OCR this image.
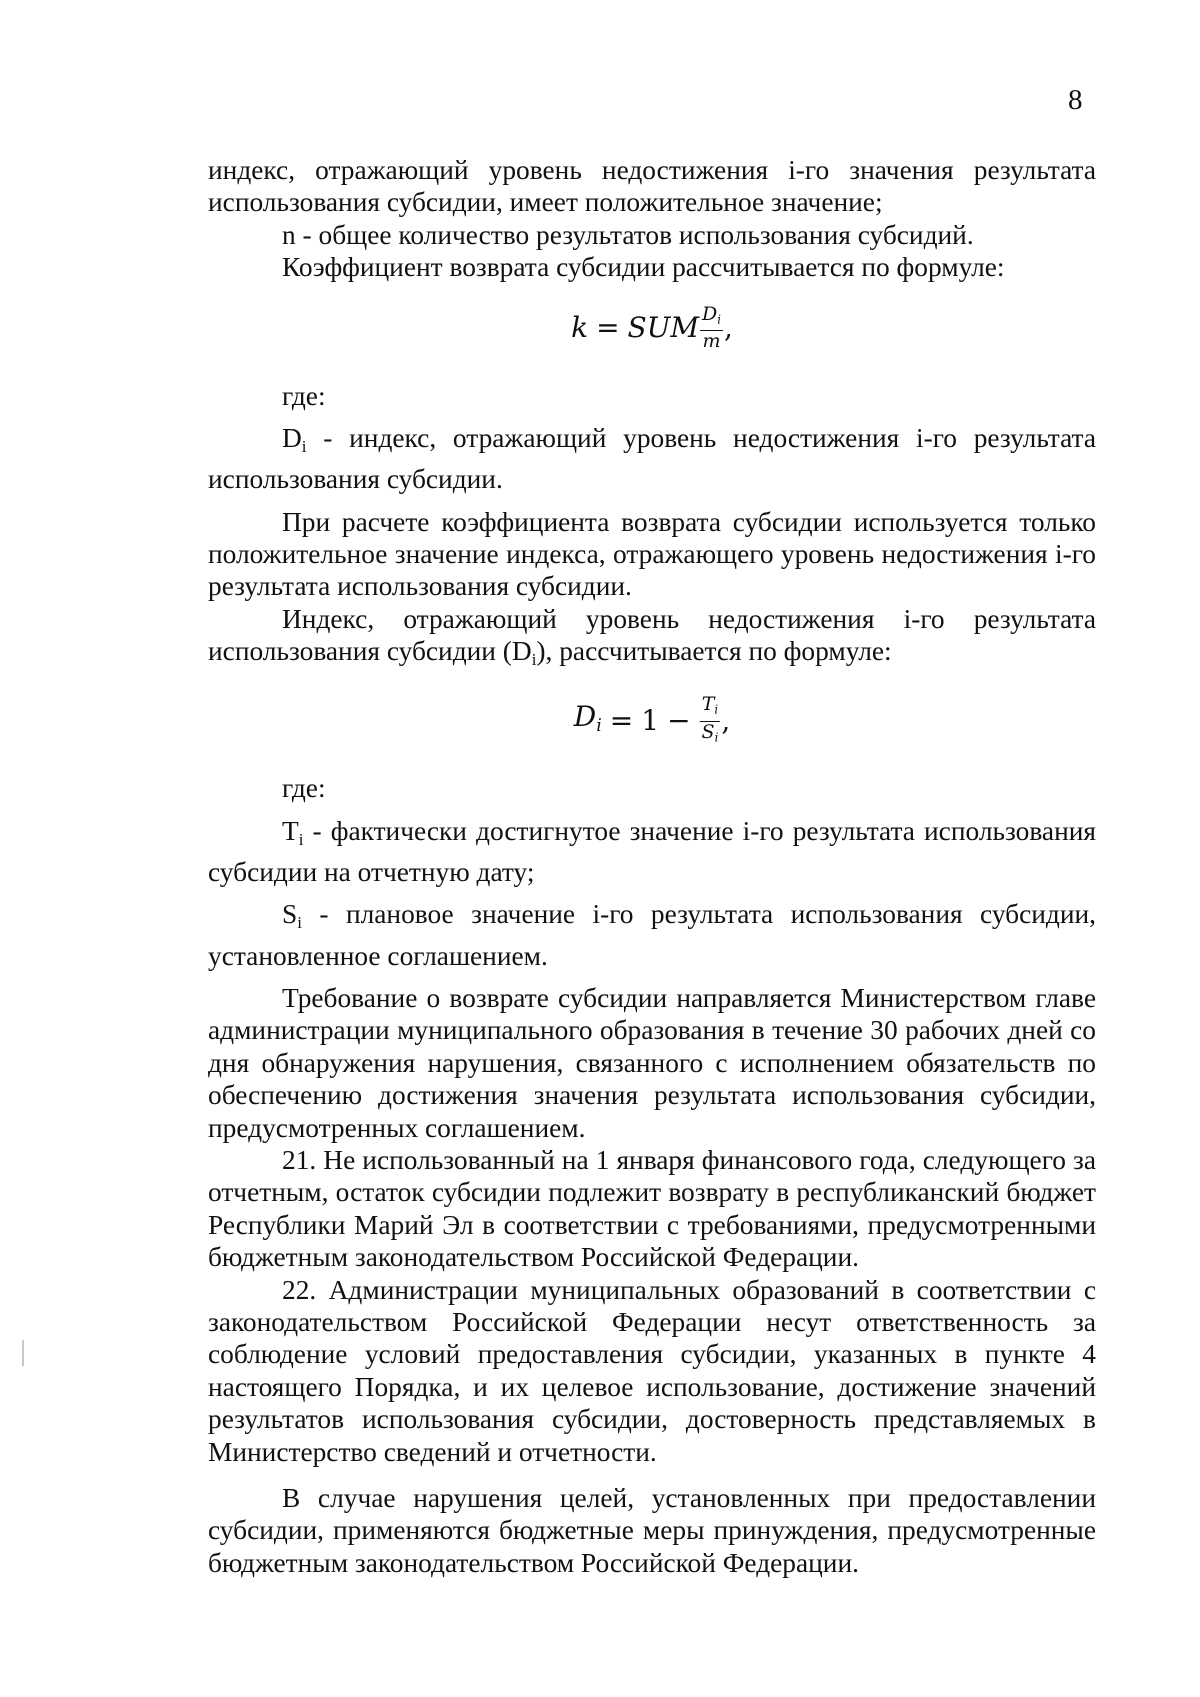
8

индекс, отражающий уровень недостижения i-го значения результата использования субсидии, имеет положительное значение;

n - общее количество результатов использования субсидий.

Коэффициент возврата субсидии рассчитывается по формуле:

k = SUM $\frac{D_i}{m}$ ,

где:

$D_i$ - индекс, отражающий уровень недостижения i-го результата использования субсидии.

При расчете коэффициента возврата субсидии используется только положительное значение индекса, отражающего уровень недостижения i-го результата использования субсидии.

Индекс, отражающий уровень недостижения i-го результата использования субсидии $(D_i)$, рассчитывается по формуле:

$D_i = 1 - \frac{T_i}{S_i}$ ,

где:

$T_i$ - фактически достигнутое значение i-го результата использования субсидии на отчетную дату;

$S_i$ - плановое значение i-го результата использования субсидии, установленное соглашением.

Требование о возврате субсидии направляется Министерством главе администрации муниципального образования в течение 30 рабочих дней со дня обнаружения нарушения, связанного с исполнением обязательств по обеспечению достижения значения результата использования субсидии, предусмотренных соглашением.

21. Не использованный на 1 января финансового года, следующего за отчетным, остаток субсидии подлежит возврату в республиканский бюджет Республики Марий Эл в соответствии с требованиями, предусмотренными бюджетным законодательством Российской Федерации.

22. Администрации муниципальных образований в соответствии с законодательством Российской Федерации несут ответственность за соблюдение условий предоставления субсидии, указанных в пункте 4 настоящего Порядка, и их целевое использование, достижение значений результатов использования субсидии, достоверность представляемых в Министерство сведений и отчетности.

В случае нарушения целей, установленных при предоставлении субсидии, применяются бюджетные меры принуждения, предусмотренные бюджетным законодательством Российской Федерации.
